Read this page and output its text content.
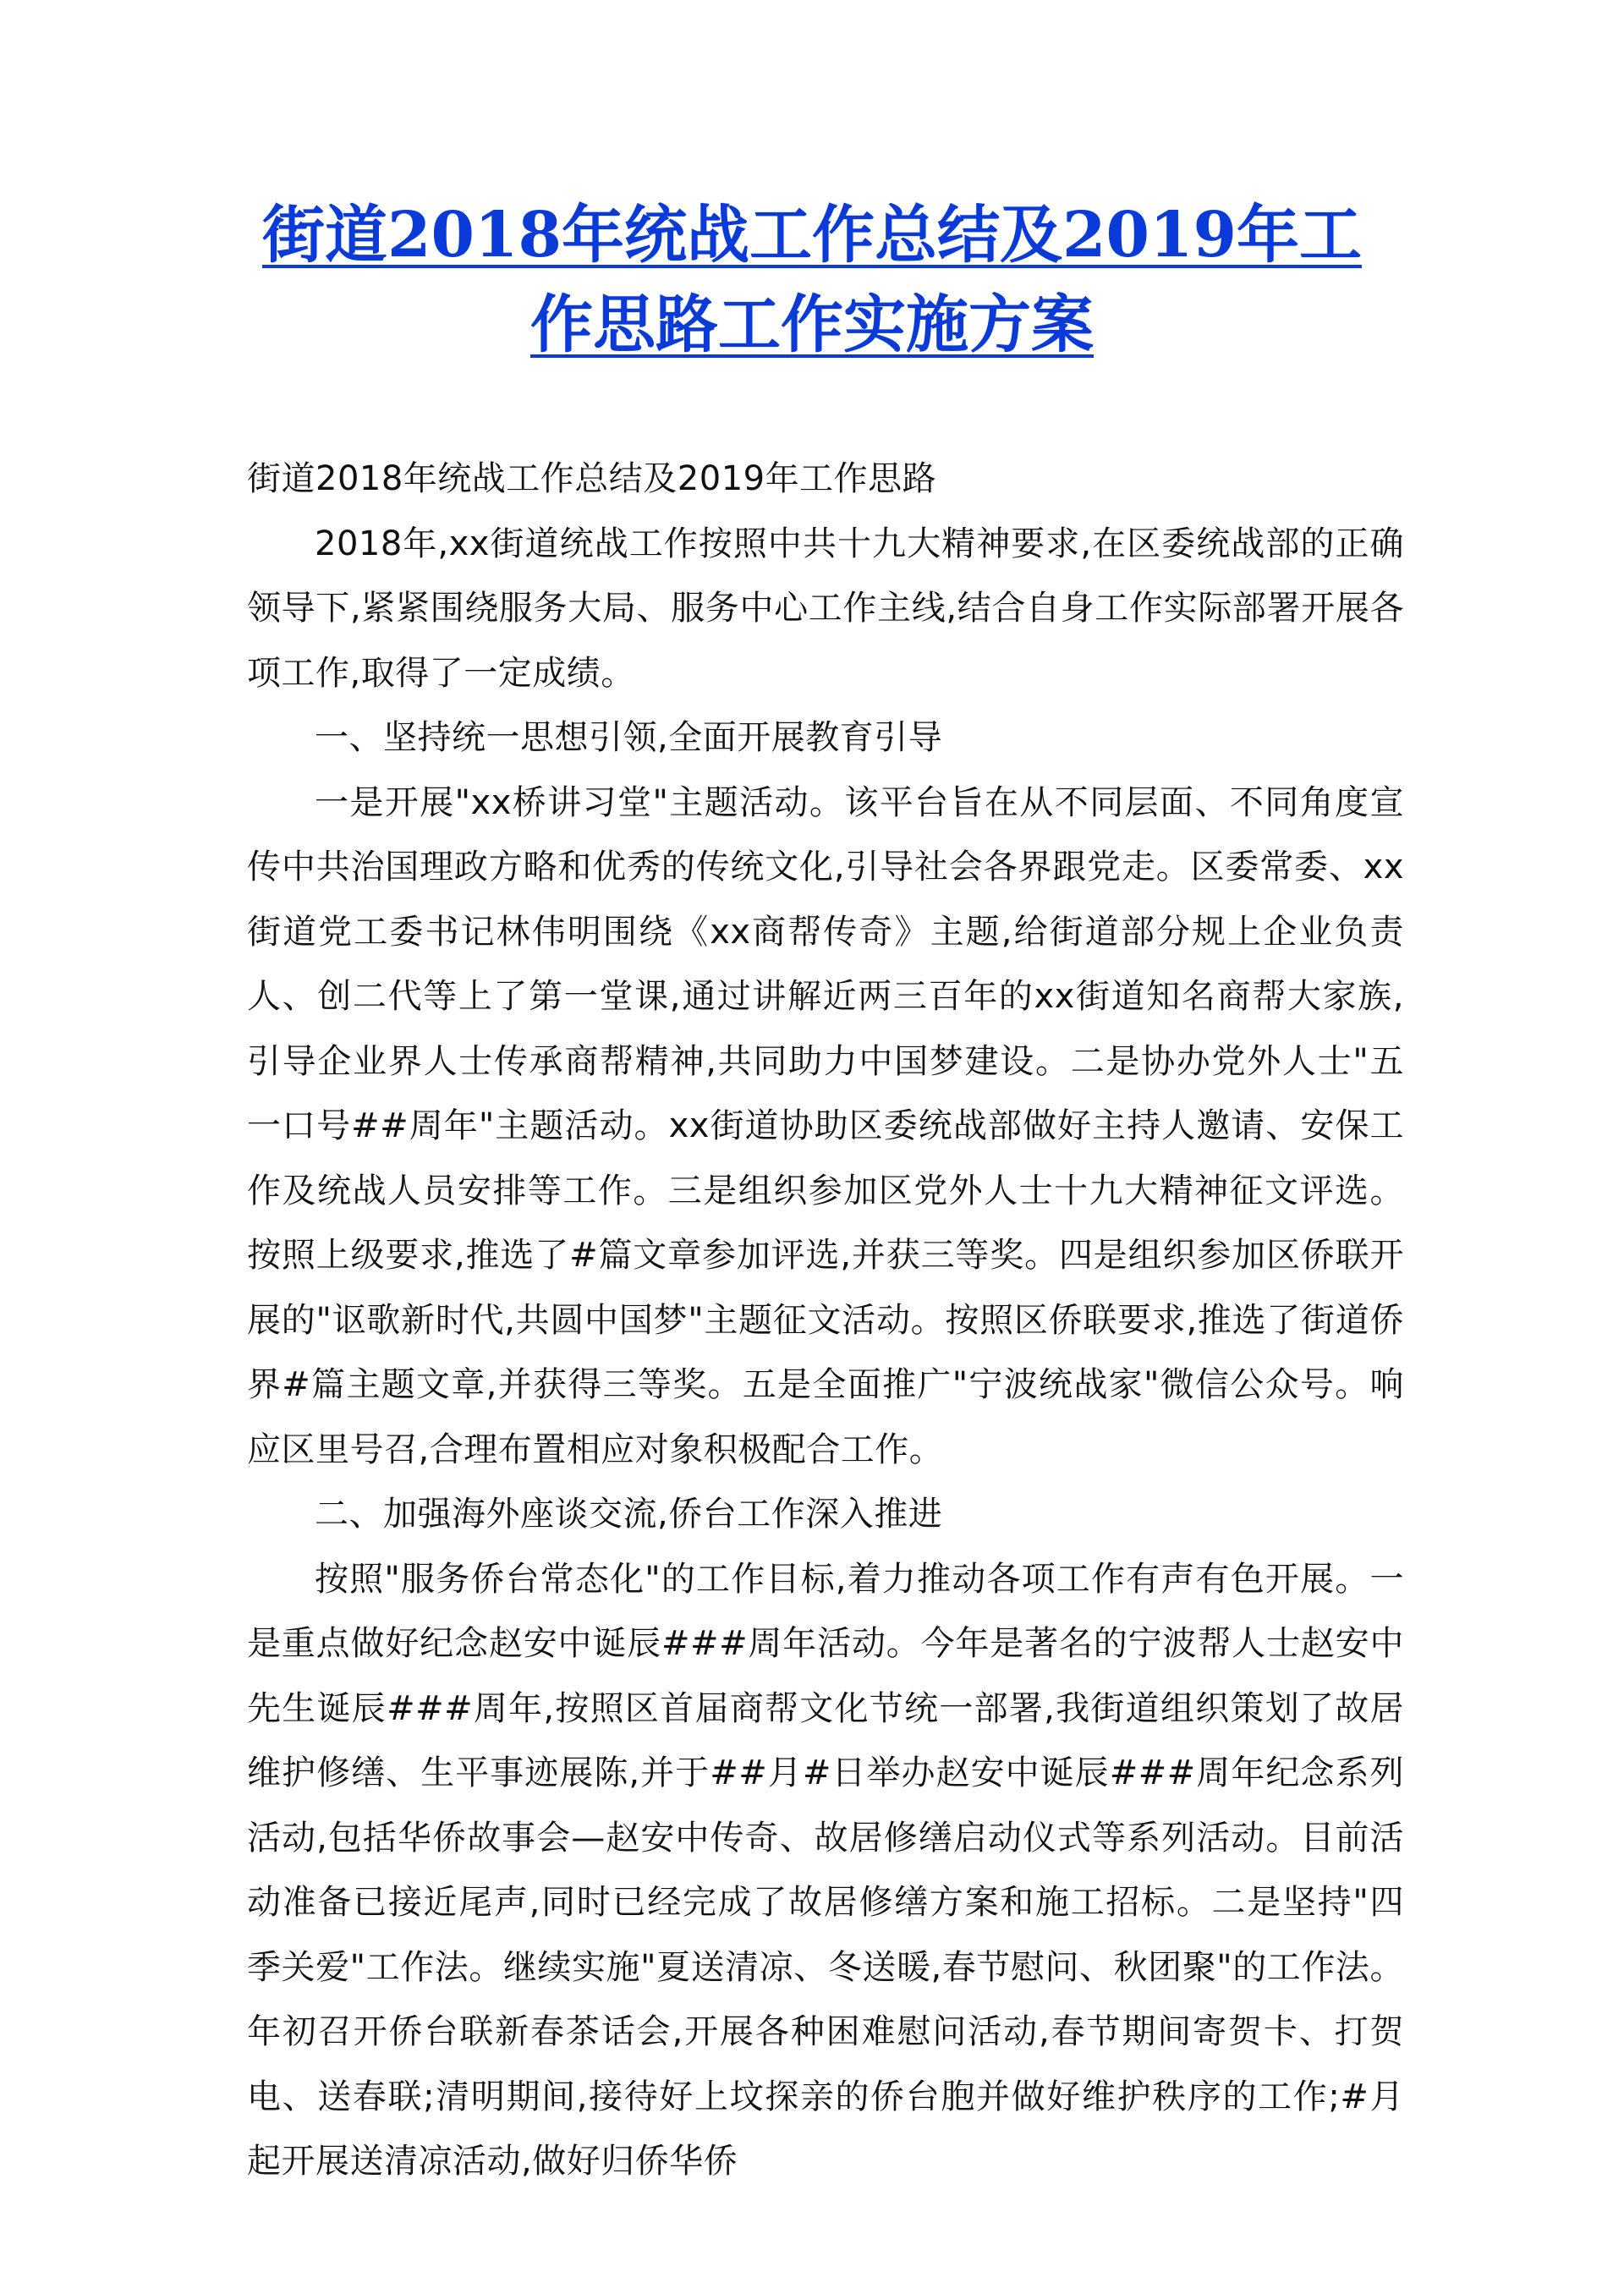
街道2018年统战工作总结及2019年工作思路工作实施方案

街道2018年统战工作总结及2019年工作思路

2018年,xx街道统战工作按照中共十九大精神要求,在区委统战部的正确领导下,紧紧围绕服务大局、服务中心工作主线,结合自身工作实际部署开展各项工作,取得了一定成绩。

一、坚持统一思想引领,全面开展教育引导

一是开展"xx桥讲习堂"主题活动。该平台旨在从不同层面、不同角度宣传中共治国理政方略和优秀的传统文化,引导社会各界跟党走。区委常委、xx街道党工委书记林伟明围绕《xx商帮传奇》主题,给街道部分规上企业负责人、创二代等上了第一堂课,通过讲解近两三百年的xx街道知名商帮大家族,引导企业界人士传承商帮精神,共同助力中国梦建设。二是协办党外人士"五一口号##周年"主题活动。xx街道协助区委统战部做好主持人邀请、安保工作及统战人员安排等工作。三是组织参加区党外人士十九大精神征文评选。按照上级要求,推选了#篇文章参加评选,并获三等奖。四是组织参加区侨联开展的"讴歌新时代,共圆中国梦"主题征文活动。按照区侨联要求,推选了街道侨界#篇主题文章,并获得三等奖。五是全面推广"宁波统战家"微信公众号。响应区里号召,合理布置相应对象积极配合工作。

二、加强海外座谈交流,侨台工作深入推进

按照"服务侨台常态化"的工作目标,着力推动各项工作有声有色开展。一是重点做好纪念赵安中诞辰###周年活动。今年是著名的宁波帮人士赵安中先生诞辰###周年,按照区首届商帮文化节统一部署,我街道组织策划了故居维护修缮、生平事迹展陈,并于##月#日举办赵安中诞辰###周年纪念系列活动,包括华侨故事会—赵安中传奇、故居修缮启动仪式等系列活动。目前活动准备已接近尾声,同时已经完成了故居修缮方案和施工招标。二是坚持"四季关爱"工作法。继续实施"夏送清凉、冬送暖,春节慰问、秋团聚"的工作法。年初召开侨台联新春茶话会,开展各种困难慰问活动,春节期间寄贺卡、打贺电、送春联;清明期间,接待好上坟探亲的侨台胞并做好维护秩序的工作;#月起开展送清凉活动,做好归侨华侨
